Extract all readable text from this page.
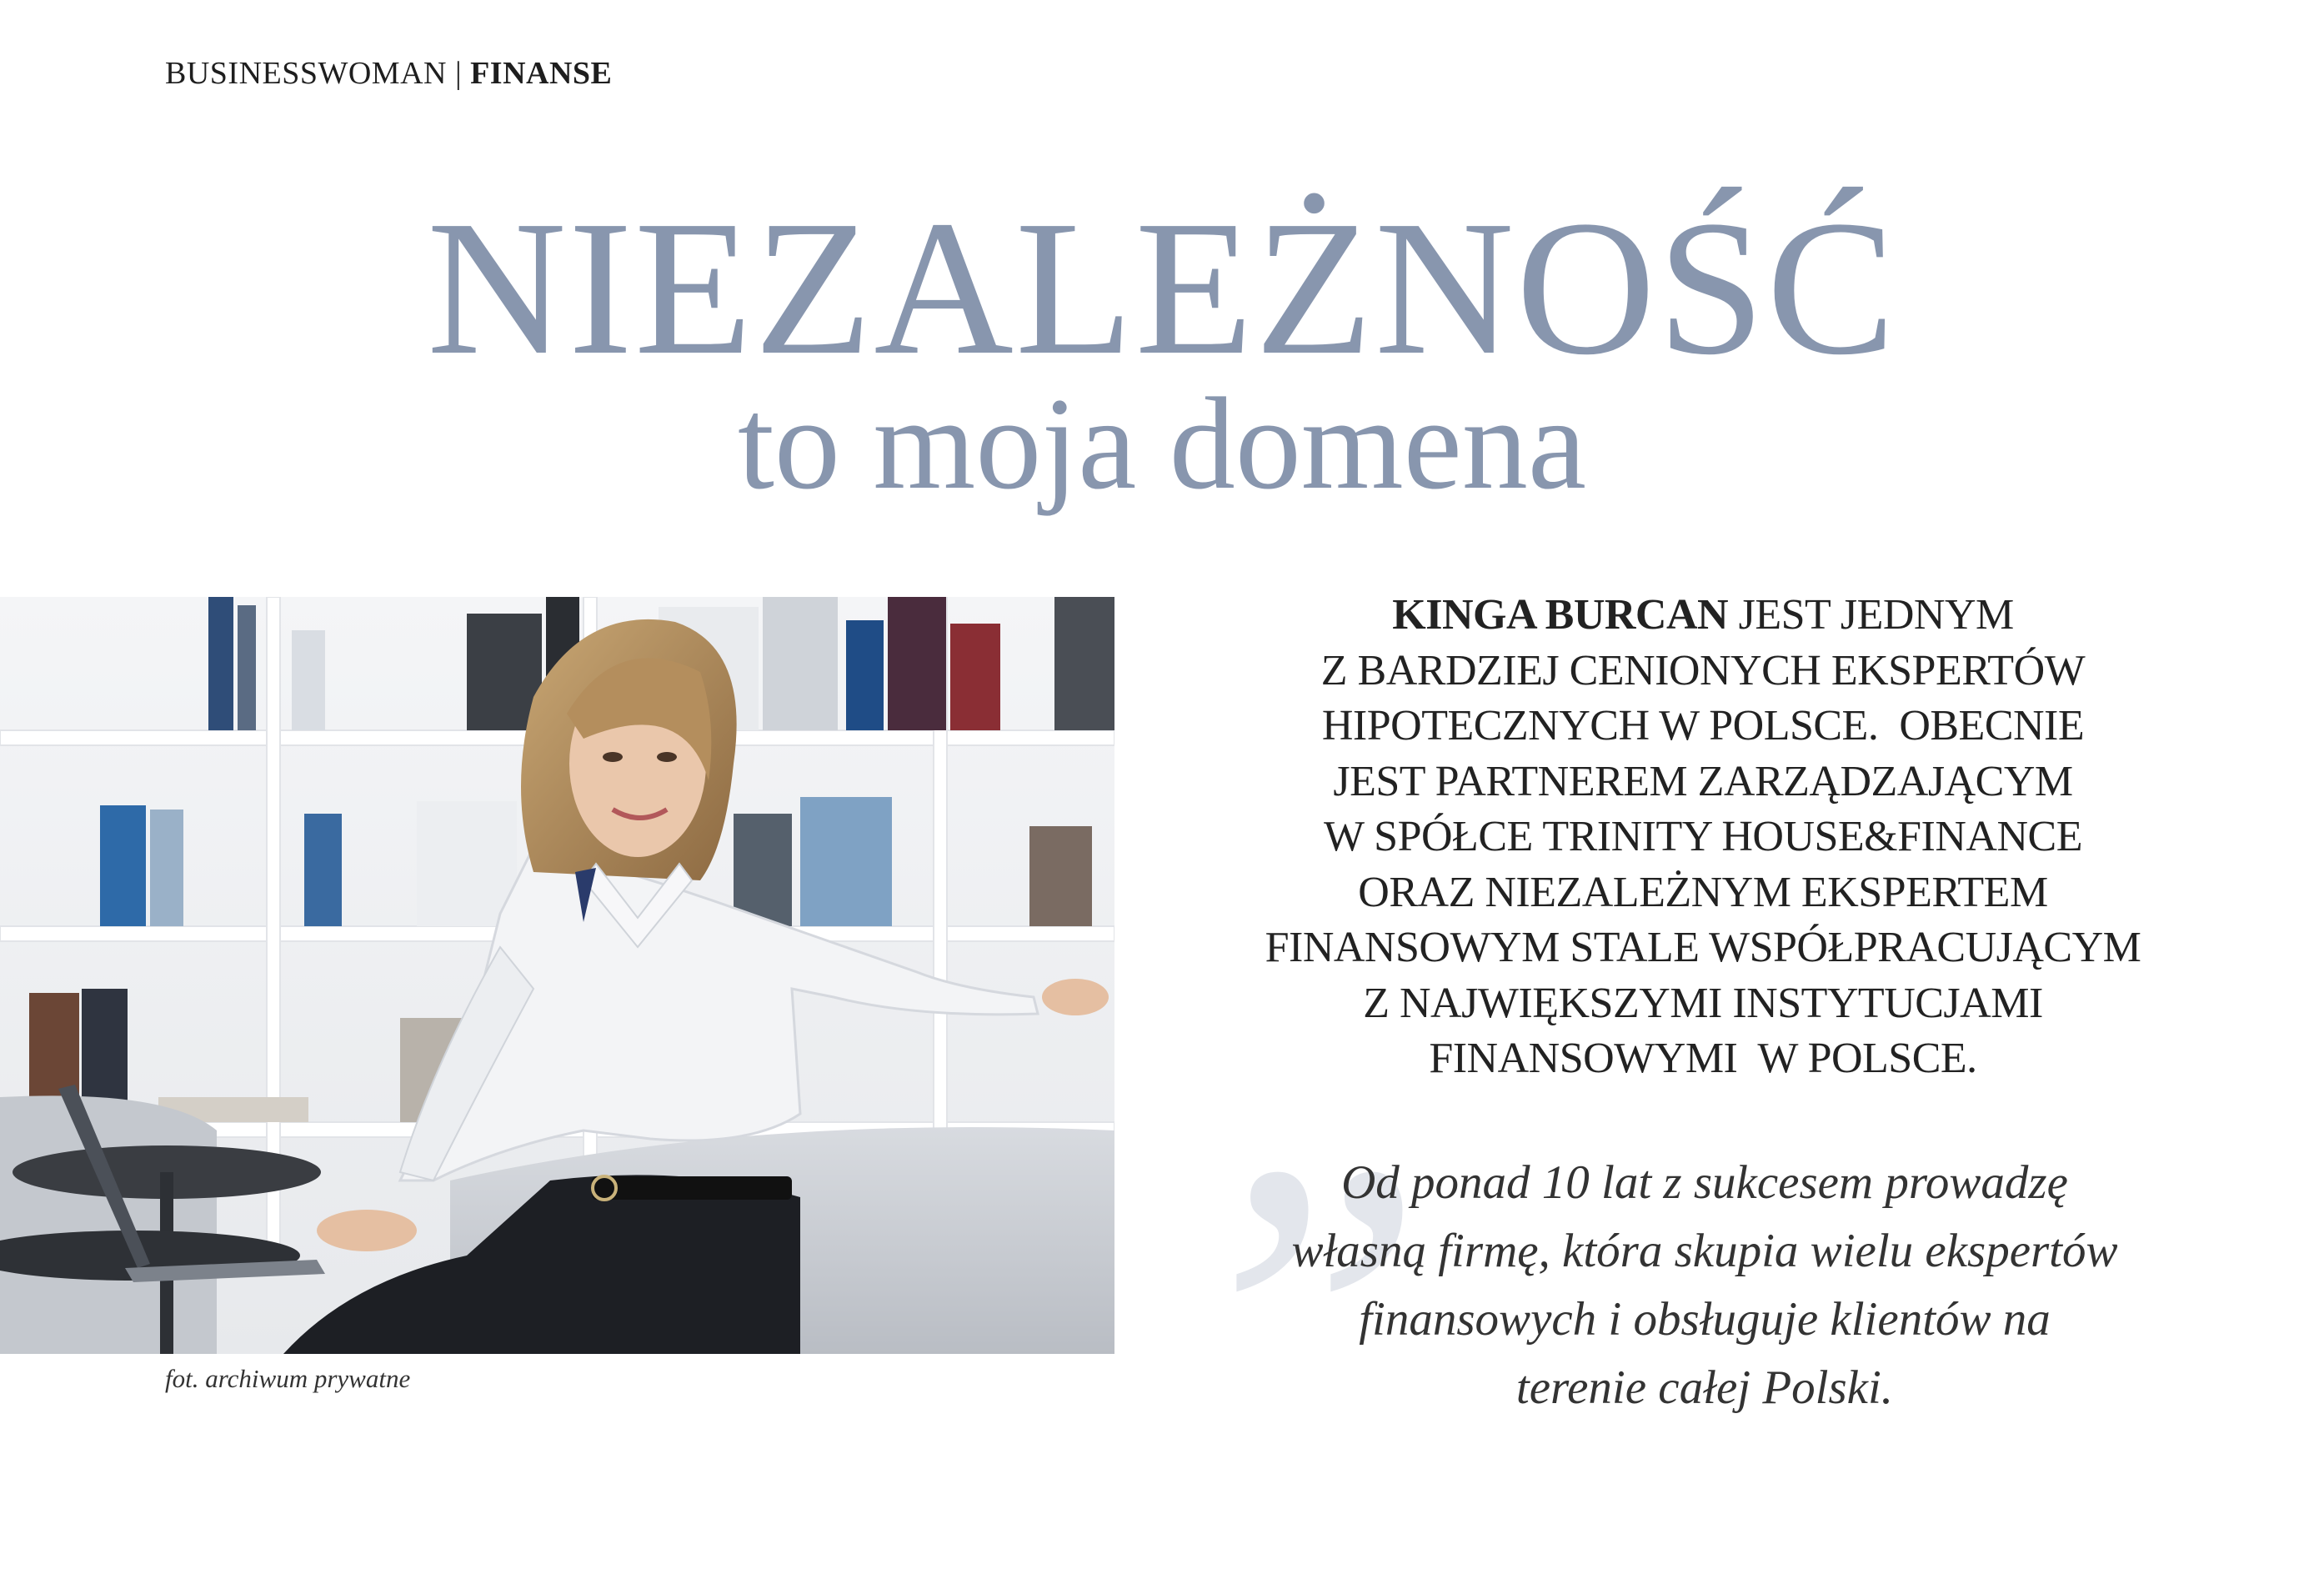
BUSINESSWOMAN | FINANSE
NIEZALEŻNOŚĆ
to moja domena
fot. archiwum prywatne
KINGA BURCAN JEST JEDNYM
Z BARDZIEJ CENIONYCH EKSPERTÓW
HIPOTECZNYCH W POLSCE.  OBECNIE
JEST PARTNEREM ZARZĄDZAJĄCYM
W SPÓŁCE TRINITY HOUSE&FINANCE
ORAZ NIEZALEŻNYM EKSPERTEM
FINANSOWYM STALE WSPÓŁPRACUJĄCYM
Z NAJWIĘKSZYMI INSTYTUCJAMI
FINANSOWYMI  W POLSCE.
”
Od ponad 10 lat z sukcesem prowadzę
własną firmę, która skupia wielu ekspertów
finansowych i obsługuje klientów na
terenie całej Polski.
